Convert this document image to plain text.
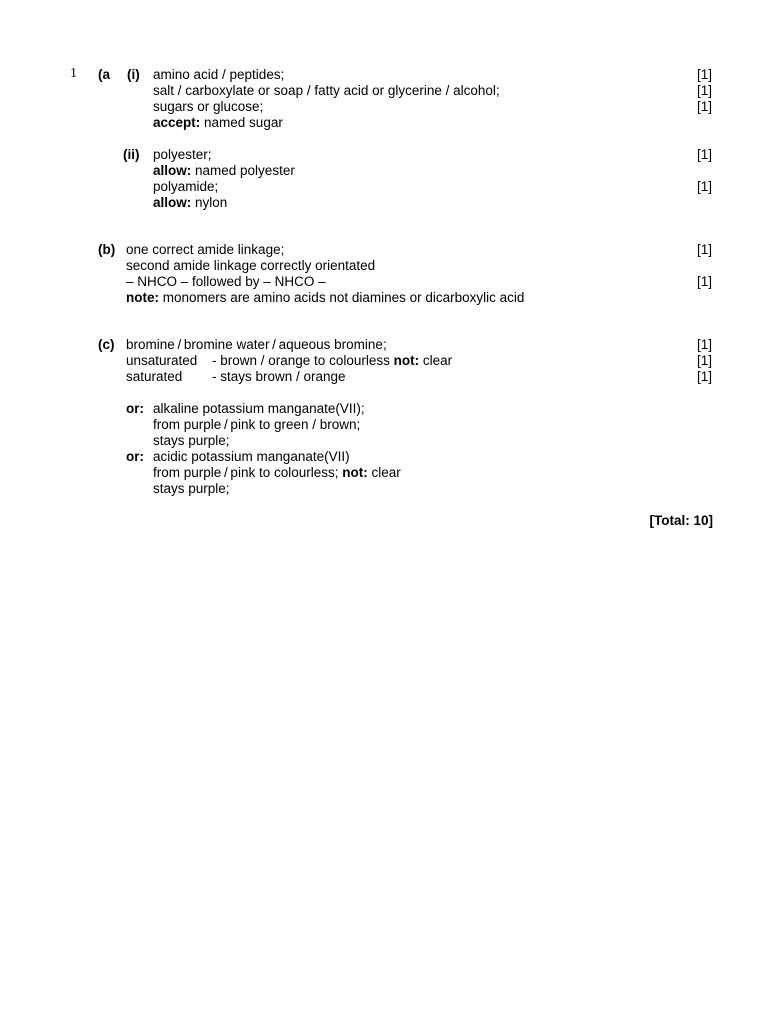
1 (a (i) amino acid / peptides;	[1]
salt / carboxylate or soap / fatty acid or glycerine / alcohol;	[1]
sugars or glucose;	[1]
accept: named sugar
(ii) polyester;	[1]
allow: named polyester
polyamide;	[1]
allow: nylon
(b) one correct amide linkage;	[1]
second amide linkage correctly orientated
– NHCO – followed by – NHCO –	[1]
note: monomers are amino acids not diamines or dicarboxylic acid
(c) bromine / bromine water / aqueous bromine;	[1]
unsaturated - brown / orange to colourless not: clear	[1]
saturated - stays brown / orange	[1]
or: alkaline potassium manganate(VII);
from purple / pink to green / brown;
stays purple;
or: acidic potassium manganate(VII)
from purple / pink to colourless; not: clear
stays purple;
[Total: 10]
